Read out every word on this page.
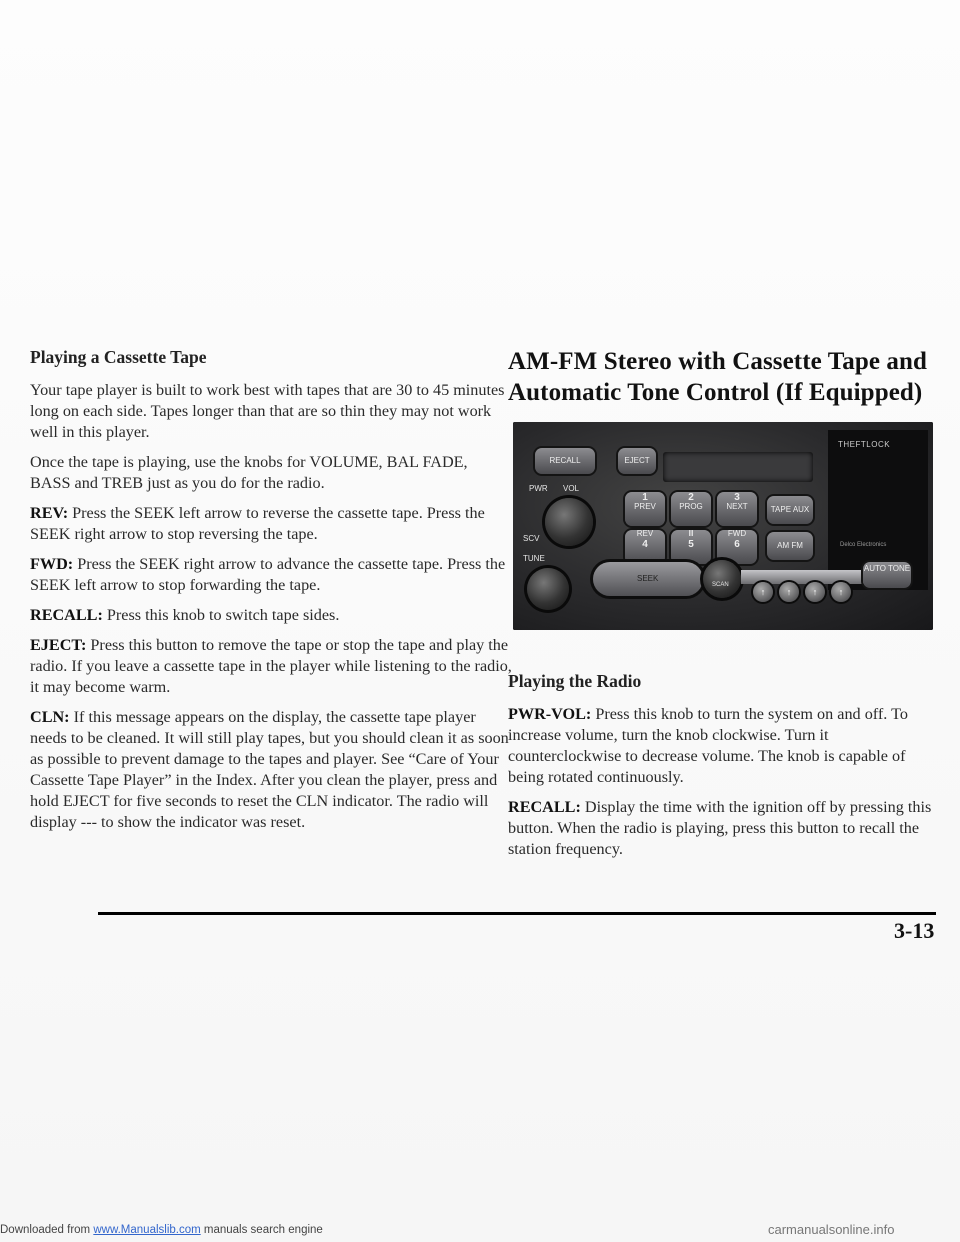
Playing a Cassette Tape

Your tape player is built to work best with tapes that are 30 to 45 minutes long on each side. Tapes longer than that are so thin they may not work well in this player.

Once the tape is playing, use the knobs for VOLUME, BAL FADE, BASS and TREB just as you do for the radio.

REV: Press the SEEK left arrow to reverse the cassette tape. Press the SEEK right arrow to stop reversing the tape.

FWD: Press the SEEK right arrow to advance the cassette tape. Press the SEEK left arrow to stop forwarding the tape.

RECALL: Press this knob to switch tape sides.

EJECT: Press this button to remove the tape or stop the tape and play the radio. If you leave a cassette tape in the player while listening to the radio, it may become warm.

CLN: If this message appears on the display, the cassette tape player needs to be cleaned. It will still play tapes, but you should clean it as soon as possible to prevent damage to the tapes and player. See “Care of Your Cassette Tape Player” in the Index. After you clean the player, press and hold EJECT for five seconds to reset the CLN indicator. The radio will display --- to show the indicator was reset.

AM-FM Stereo with Cassette Tape and Automatic Tone Control (If Equipped)
THEFTLOCK
Delco Electronics
RECALL	EJECT
PWR VOL
SCV
TUNE
1
PREV
2
PROG
3
NEXT
REV
4
Ⅲ
5
FWD
6
TAPE AUX
AM FM
SEEK
SCAN
↑	↑	↑	↑
AUTO TONE

Playing the Radio

PWR-VOL: Press this knob to turn the system on and off. To increase volume, turn the knob clockwise. Turn it counterclockwise to decrease volume. The knob is capable of being rotated continuously.

RECALL: Display the time with the ignition off by pressing this button. When the radio is playing, press this button to recall the station frequency.

3-13
Downloaded from www.Manualslib.com manuals search engine	carmanualsonline.info
